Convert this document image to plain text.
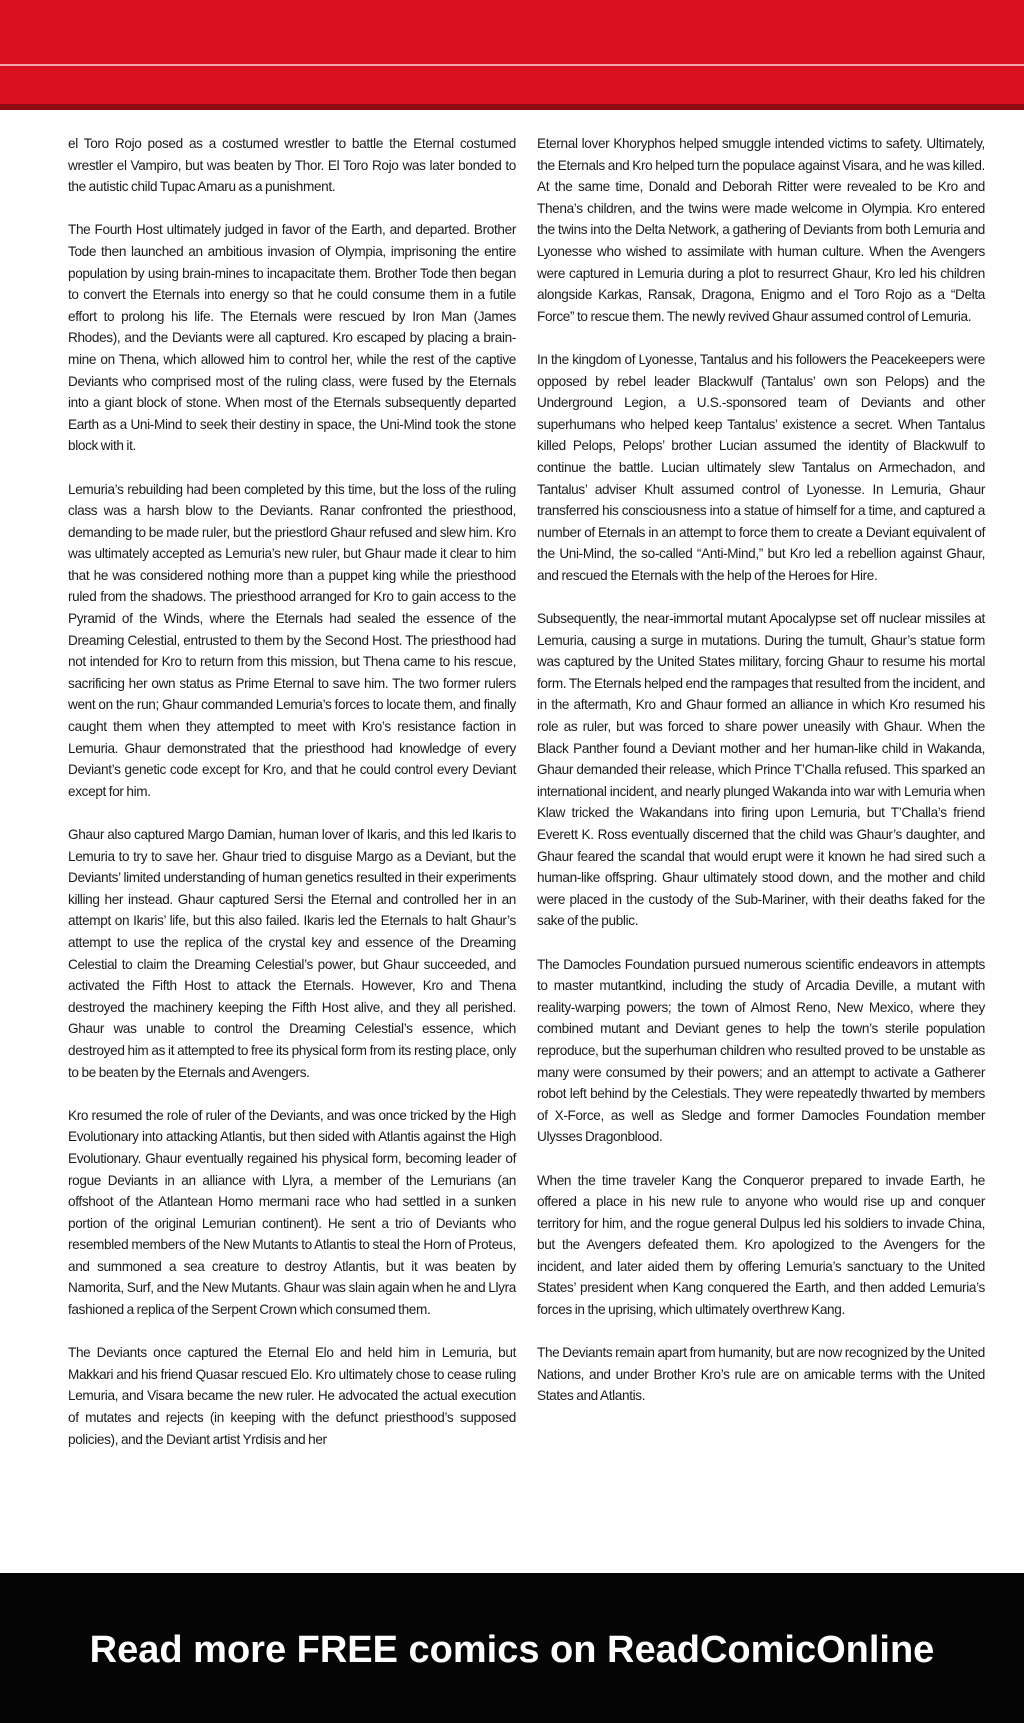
el Toro Rojo posed as a costumed wrestler to battle the Eternal costumed wrestler el Vampiro, but was beaten by Thor. El Toro Rojo was later bonded to the autistic child Tupac Amaru as a punishment.

The Fourth Host ultimately judged in favor of the Earth, and departed. Brother Tode then launched an ambitious invasion of Olympia, imprisoning the entire population by using brain-mines to incapacitate them. Brother Tode then began to convert the Eternals into energy so that he could consume them in a futile effort to prolong his life. The Eternals were rescued by Iron Man (James Rhodes), and the Deviants were all captured. Kro escaped by placing a brain-mine on Thena, which allowed him to control her, while the rest of the captive Deviants who comprised most of the ruling class, were fused by the Eternals into a giant block of stone. When most of the Eternals subsequently departed Earth as a Uni-Mind to seek their destiny in space, the Uni-Mind took the stone block with it.

Lemuria’s rebuilding had been completed by this time, but the loss of the ruling class was a harsh blow to the Deviants. Ranar confronted the priesthood, demanding to be made ruler, but the priestlord Ghaur refused and slew him. Kro was ultimately accepted as Lemuria’s new ruler, but Ghaur made it clear to him that he was considered nothing more than a puppet king while the priesthood ruled from the shadows. The priesthood arranged for Kro to gain access to the Pyramid of the Winds, where the Eternals had sealed the essence of the Dreaming Celestial, entrusted to them by the Second Host. The priesthood had not intended for Kro to return from this mission, but Thena came to his rescue, sacrificing her own status as Prime Eternal to save him. The two former rulers went on the run; Ghaur commanded Lemuria’s forces to locate them, and finally caught them when they attempted to meet with Kro’s resistance faction in Lemuria. Ghaur demonstrated that the priesthood had knowledge of every Deviant’s genetic code except for Kro, and that he could control every Deviant except for him.

Ghaur also captured Margo Damian, human lover of Ikaris, and this led Ikaris to Lemuria to try to save her. Ghaur tried to disguise Margo as a Deviant, but the Deviants’ limited understanding of human genetics resulted in their experiments killing her instead. Ghaur captured Sersi the Eternal and controlled her in an attempt on Ikaris’ life, but this also failed. Ikaris led the Eternals to halt Ghaur’s attempt to use the replica of the crystal key and essence of the Dreaming Celestial to claim the Dreaming Celestial’s power, but Ghaur succeeded, and activated the Fifth Host to attack the Eternals. However, Kro and Thena destroyed the machinery keeping the Fifth Host alive, and they all perished. Ghaur was unable to control the Dreaming Celestial’s essence, which destroyed him as it attempted to free its physical form from its resting place, only to be beaten by the Eternals and Avengers.

Kro resumed the role of ruler of the Deviants, and was once tricked by the High Evolutionary into attacking Atlantis, but then sided with Atlantis against the High Evolutionary. Ghaur eventually regained his physical form, becoming leader of rogue Deviants in an alliance with Llyra, a member of the Lemurians (an offshoot of the Atlantean Homo mermani race who had settled in a sunken portion of the original Lemurian continent). He sent a trio of Deviants who resembled members of the New Mutants to Atlantis to steal the Horn of Proteus, and summoned a sea creature to destroy Atlantis, but it was beaten by Namorita, Surf, and the New Mutants. Ghaur was slain again when he and Llyra fashioned a replica of the Serpent Crown which consumed them.

The Deviants once captured the Eternal Elo and held him in Lemuria, but Makkari and his friend Quasar rescued Elo. Kro ultimately chose to cease ruling Lemuria, and Visara became the new ruler. He advocated the actual execution of mutates and rejects (in keeping with the defunct priesthood’s supposed policies), and the Deviant artist Yrdisis and her

Eternal lover Khoryphos helped smuggle intended victims to safety. Ultimately, the Eternals and Kro helped turn the populace against Visara, and he was killed. At the same time, Donald and Deborah Ritter were revealed to be Kro and Thena’s children, and the twins were made welcome in Olympia. Kro entered the twins into the Delta Network, a gathering of Deviants from both Lemuria and Lyonesse who wished to assimilate with human culture. When the Avengers were captured in Lemuria during a plot to resurrect Ghaur, Kro led his children alongside Karkas, Ransak, Dragona, Enigmo and el Toro Rojo as a “Delta Force” to rescue them. The newly revived Ghaur assumed control of Lemuria.

In the kingdom of Lyonesse, Tantalus and his followers the Peacekeepers were opposed by rebel leader Blackwulf (Tantalus’ own son Pelops) and the Underground Legion, a U.S.-sponsored team of Deviants and other superhumans who helped keep Tantalus’ existence a secret. When Tantalus killed Pelops, Pelops’ brother Lucian assumed the identity of Blackwulf to continue the battle. Lucian ultimately slew Tantalus on Armechadon, and Tantalus’ adviser Khult assumed control of Lyonesse. In Lemuria, Ghaur transferred his consciousness into a statue of himself for a time, and captured a number of Eternals in an attempt to force them to create a Deviant equivalent of the Uni-Mind, the so-called “Anti-Mind,” but Kro led a rebellion against Ghaur, and rescued the Eternals with the help of the Heroes for Hire.

Subsequently, the near-immortal mutant Apocalypse set off nuclear missiles at Lemuria, causing a surge in mutations. During the tumult, Ghaur’s statue form was captured by the United States military, forcing Ghaur to resume his mortal form. The Eternals helped end the rampages that resulted from the incident, and in the aftermath, Kro and Ghaur formed an alliance in which Kro resumed his role as ruler, but was forced to share power uneasily with Ghaur. When the Black Panther found a Deviant mother and her human-like child in Wakanda, Ghaur demanded their release, which Prince T’Challa refused. This sparked an international incident, and nearly plunged Wakanda into war with Lemuria when Klaw tricked the Wakandans into firing upon Lemuria, but T’Challa’s friend Everett K. Ross eventually discerned that the child was Ghaur’s daughter, and Ghaur feared the scandal that would erupt were it known he had sired such a human-like offspring. Ghaur ultimately stood down, and the mother and child were placed in the custody of the Sub-Mariner, with their deaths faked for the sake of the public.

The Damocles Foundation pursued numerous scientific endeavors in attempts to master mutantkind, including the study of Arcadia Deville, a mutant with reality-warping powers; the town of Almost Reno, New Mexico, where they combined mutant and Deviant genes to help the town’s sterile population reproduce, but the superhuman children who resulted proved to be unstable as many were consumed by their powers; and an attempt to activate a Gatherer robot left behind by the Celestials. They were repeatedly thwarted by members of X-Force, as well as Sledge and former Damocles Foundation member Ulysses Dragonblood.

When the time traveler Kang the Conqueror prepared to invade Earth, he offered a place in his new rule to anyone who would rise up and conquer territory for him, and the rogue general Dulpus led his soldiers to invade China, but the Avengers defeated them. Kro apologized to the Avengers for the incident, and later aided them by offering Lemuria’s sanctuary to the United States’ president when Kang conquered the Earth, and then added Lemuria’s forces in the uprising, which ultimately overthrew Kang.

The Deviants remain apart from humanity, but are now recognized by the United Nations, and under Brother Kro’s rule are on amicable terms with the United States and Atlantis.

Read more FREE comics on ReadComicOnline
